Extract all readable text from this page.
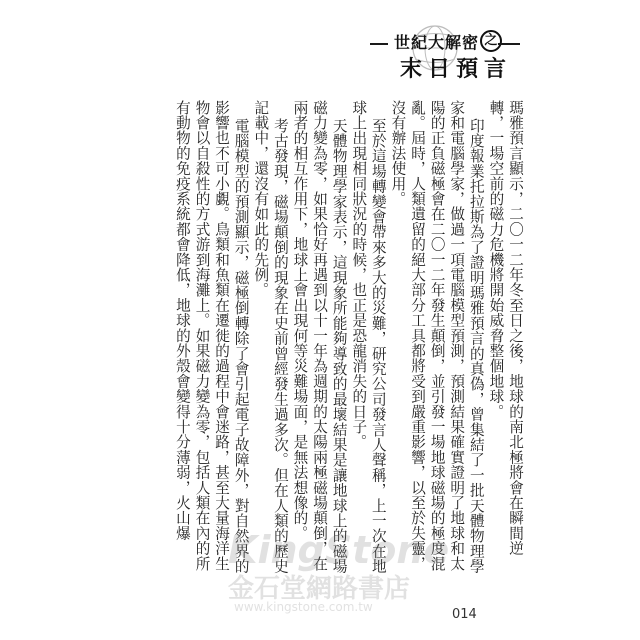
世紀大解密 之
末日預言

瑪雅預言顯示，二〇一二年冬至日之後，地球的南北極將會在瞬間逆轉，一場空前的磁力危機將開始威脅整個地球。

印度報業托拉斯為了證明瑪雅預言的真偽，曾集結了一批天體物理學家和電腦學家，做過一項電腦模型預測，預測結果確實證明了地球和太陽的正負磁極會在二〇一二年發生顛倒，並引發一場地球磁場的極度混亂。屆時，人類遺留的絕大部分工具都將受到嚴重影響，以至於失靈，沒有辦法使用。

至於這場轉變會帶來多大的災難，研究公司發言人聲稱，上一次在地球上出現相同狀況的時候，也正是恐龍消失的日子。

天體物理學家表示，這現象所能夠導致的最壞結果是讓地球上的磁場磁力變為零，如果恰好再遇到以十一年為週期的太陽兩極磁場顛倒，在兩者的相互作用下，地球上會出現何等災難場面，是無法想像的。

考古發現，磁場顛倒的現象在史前曾經發生過多次。但在人類的歷史記載中，還沒有如此的先例。

電腦模型的預測顯示，磁極倒轉除了會引起電子故障外，對自然界的影響也不可小覷。鳥類和魚類在遷徙的過程中會迷路，甚至大量海洋生物會以自殺性的方式游到海灘上。如果磁力變為零，包括人類在內的所有動物的免疫系統都會降低，地球的外殼會變得十分薄弱，火山爆

KingStone
金石堂網路書店
www.kingstone.com.tw	014
